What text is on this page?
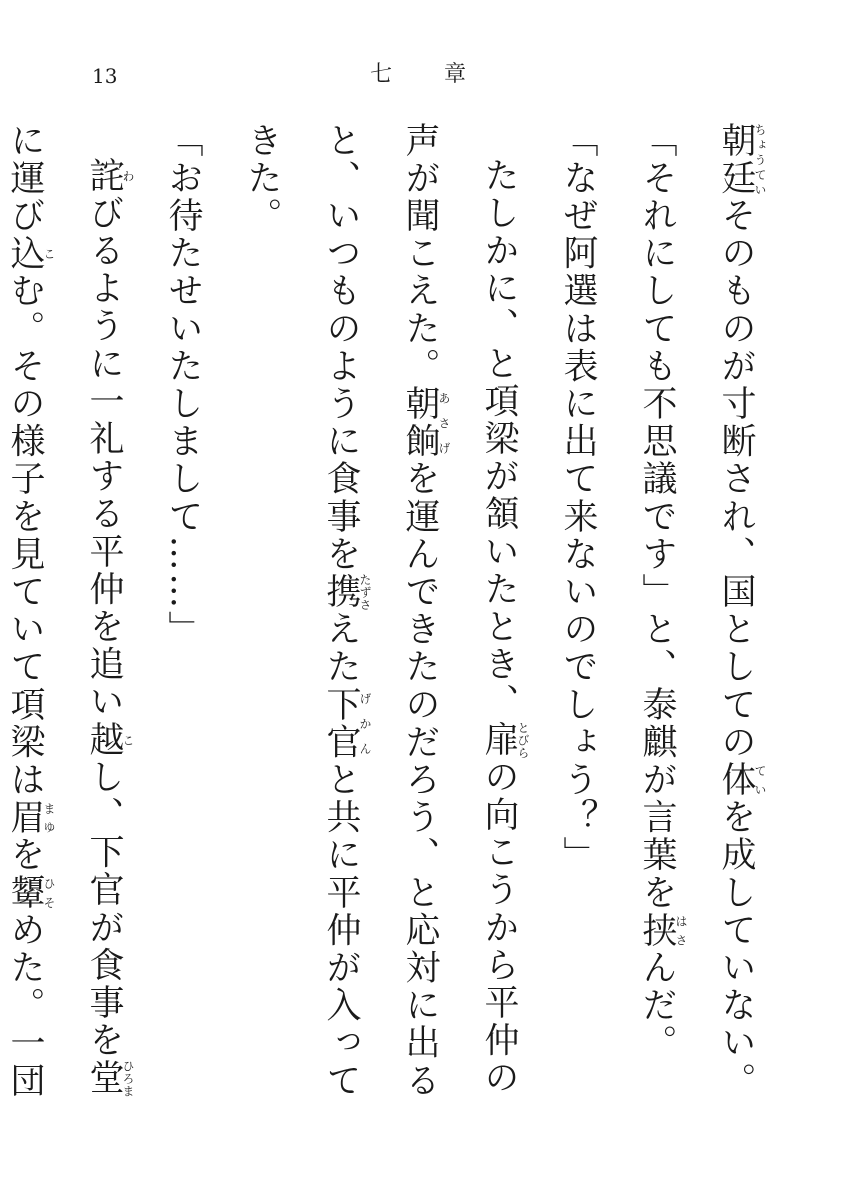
13	七章

朝廷ちょうていそのものが寸断され、国としての体ていを成していない。

「それにしても不思議です」と、泰麒が言葉を挟はさんだ。「なぜ阿選は表に出て来ないのでしょう？」

たしかに、と項梁が頷いたとき、扉とびらの向こうから平仲の声が聞こえた。朝餉あさげを運んできたのだろう、と応対に出ると、いつものように食事を携たずさえた下官げかんと共に平仲が入ってきた。

「お待たせいたしまして……」

詫わびるように一礼する平仲を追い越こし、下官が食事を堂ひろまに運び込こむ。その様子を見ていて項梁は眉まゆを顰ひそめた。一団
